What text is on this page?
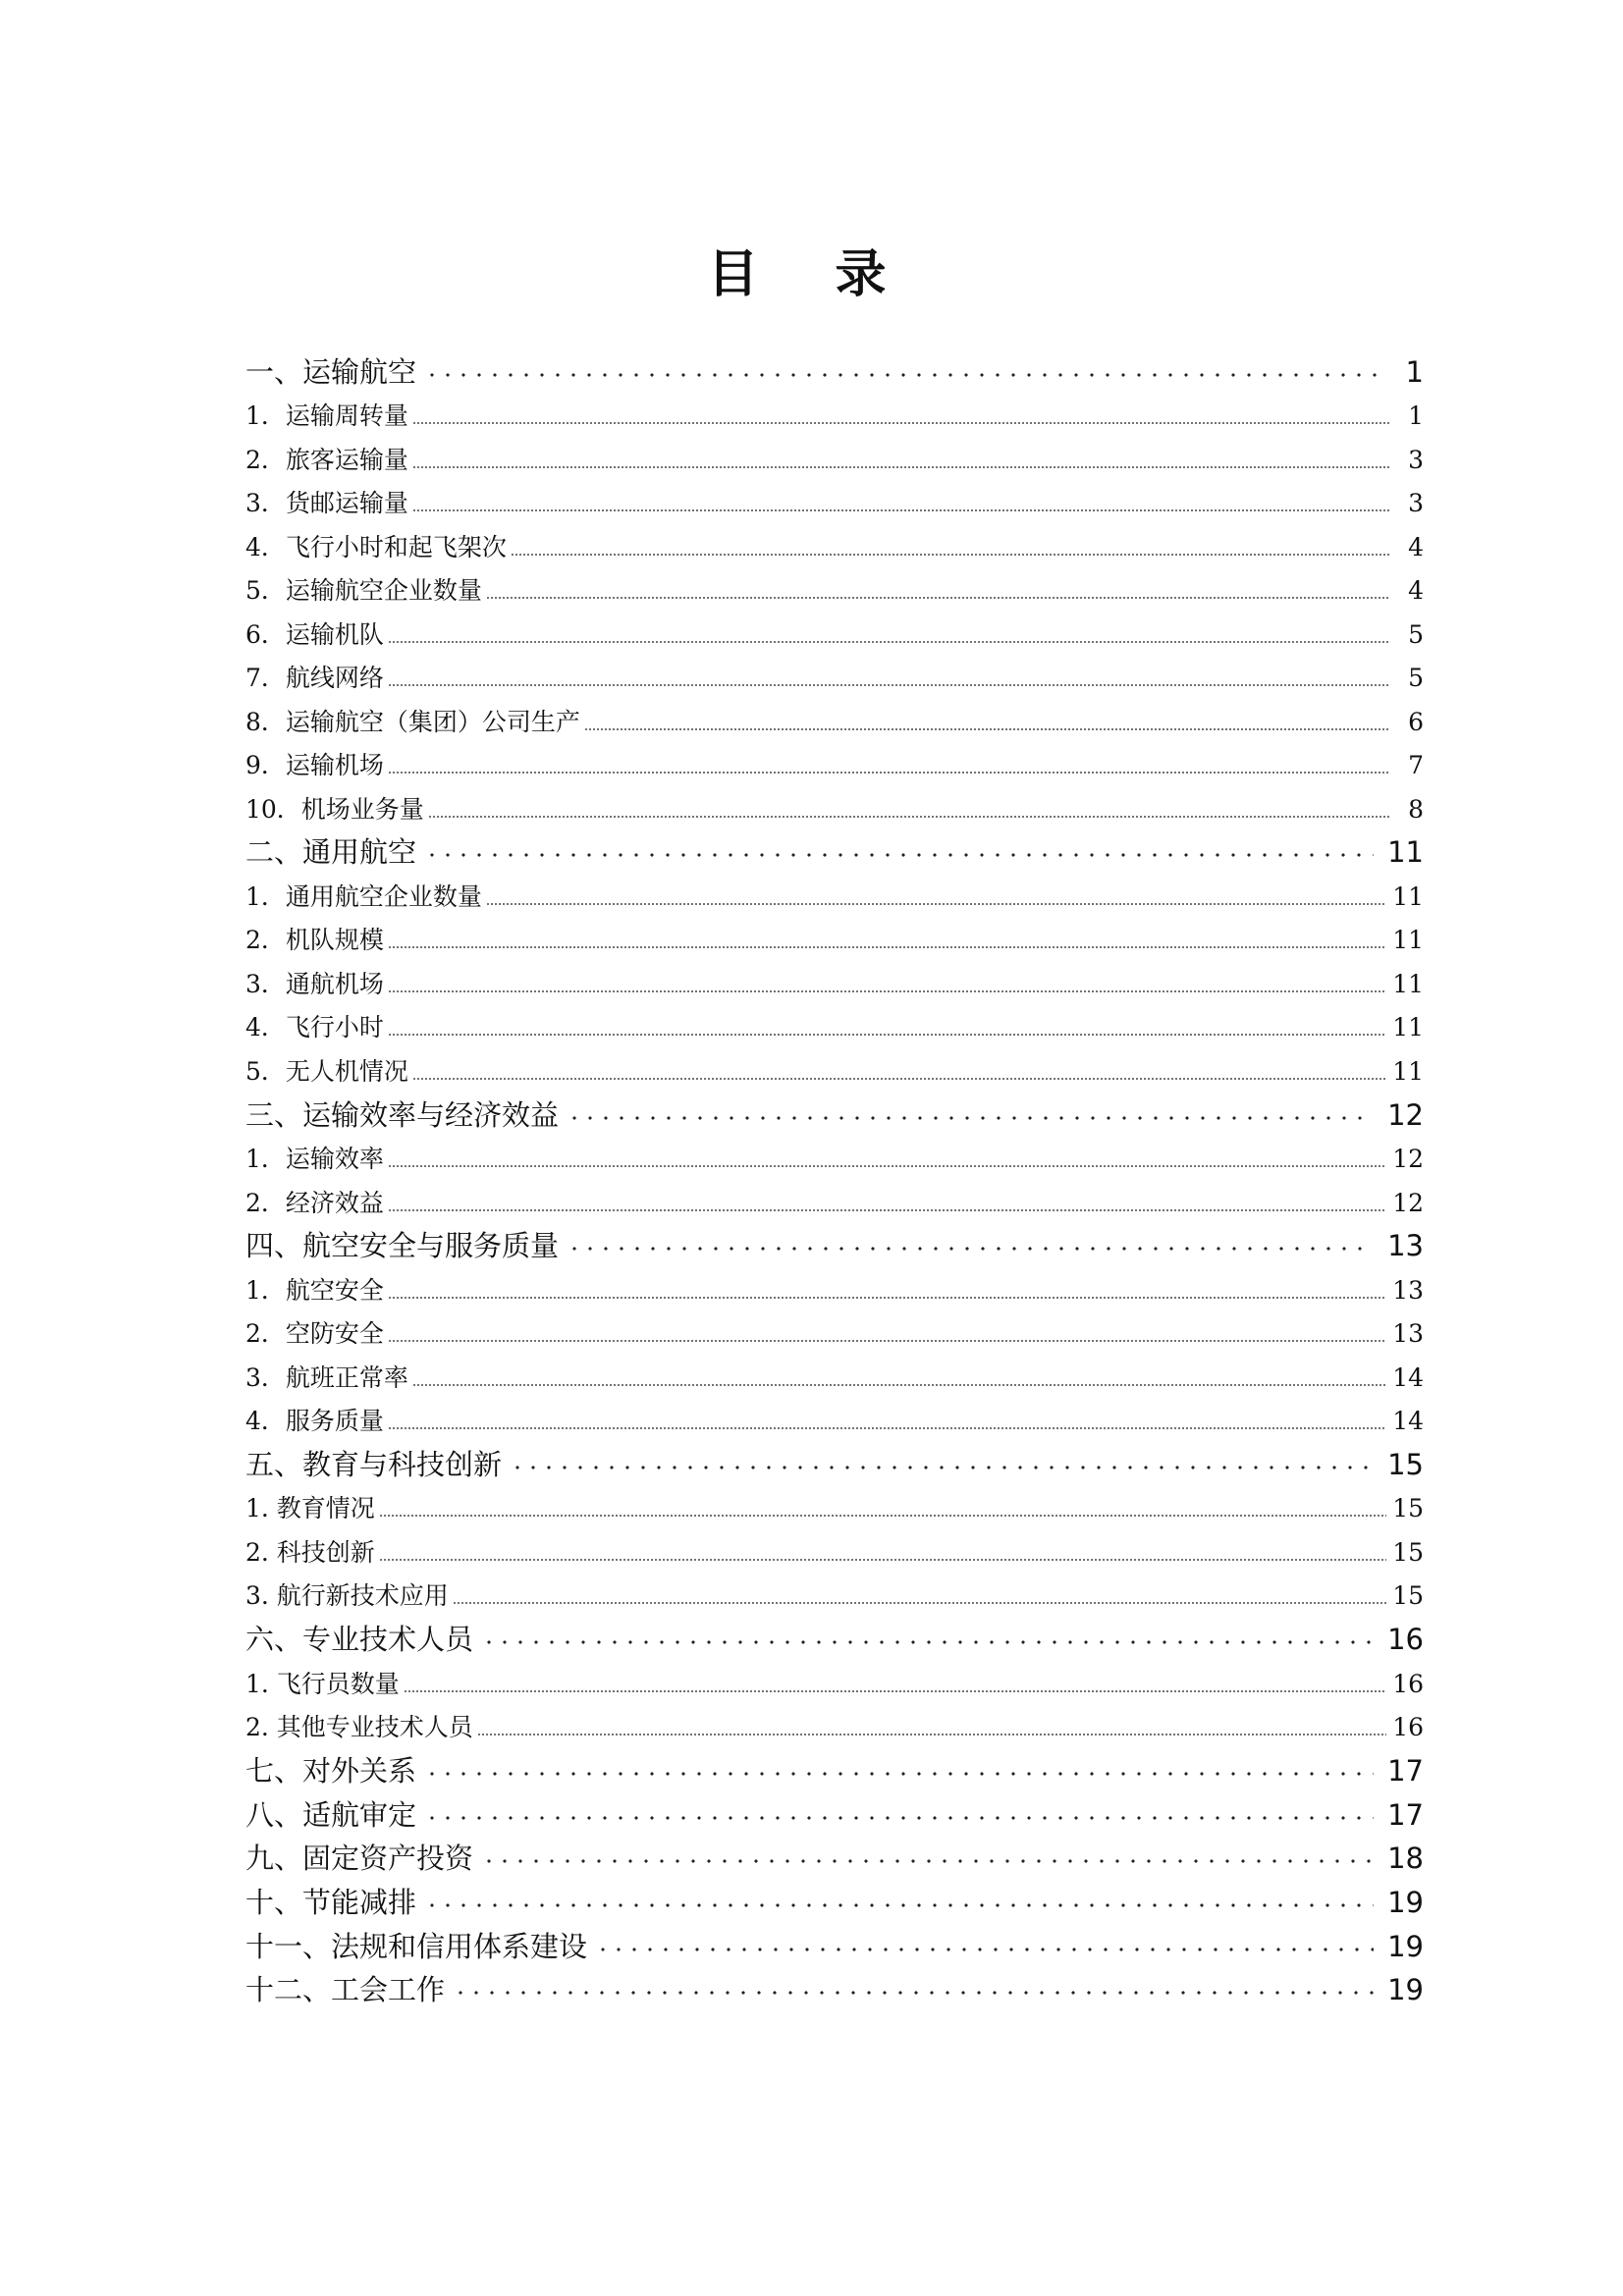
目 录
一、运输航空	1
1．运输周转量	1
2．旅客运输量	3
3．货邮运输量	3
4．飞行小时和起飞架次	4
5．运输航空企业数量	4
6．运输机队	5
7．航线网络	5
8．运输航空（集团）公司生产	6
9．运输机场	7
10．机场业务量	8
二、通用航空	11
1．通用航空企业数量	11
2．机队规模	11
3．通航机场	11
4．飞行小时	11
5．无人机情况	11
三、运输效率与经济效益	12
1．运输效率	12
2．经济效益	12
四、航空安全与服务质量	13
1．航空安全	13
2．空防安全	13
3．航班正常率	14
4．服务质量	14
五、教育与科技创新	15
1. 教育情况	15
2. 科技创新	15
3. 航行新技术应用	15
六、专业技术人员	16
1. 飞行员数量	16
2. 其他专业技术人员	16
七、对外关系	17
八、适航审定	17
九、固定资产投资	18
十、节能减排	19
十一、法规和信用体系建设	19
十二、工会工作	19
